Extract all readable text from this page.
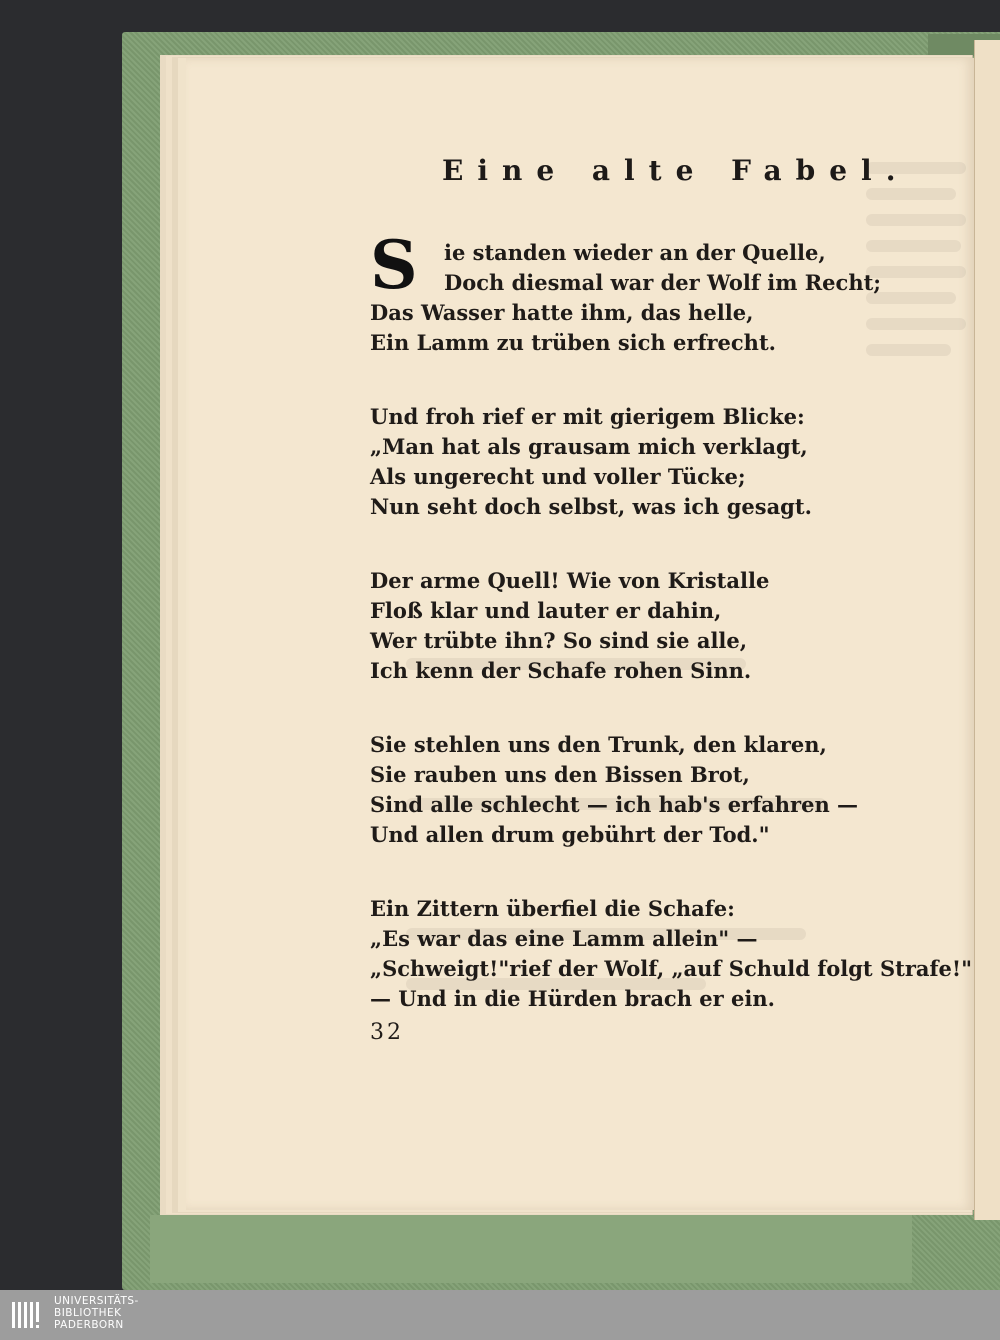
Eine alte Fabel.
S ie standen wieder an der Quelle,
Doch diesmal war der Wolf im Recht;
Das Wasser hatte ihm, das helle,
Ein Lamm zu trüben sich erfrecht.
Und froh rief er mit gierigem Blicke:
„Man hat als grausam mich verklagt,
Als ungerecht und voller Tücke;
Nun seht doch selbst, was ich gesagt.
Der arme Quell! Wie von Kristalle
Floß klar und lauter er dahin,
Wer trübte ihn? So sind sie alle,
Ich kenn der Schafe rohen Sinn.
Sie stehlen uns den Trunk, den klaren,
Sie rauben uns den Bissen Brot,
Sind alle schlecht — ich hab's erfahren —
Und allen drum gebührt der Tod."
Ein Zittern überfiel die Schafe:
„Es war das eine Lamm allein" —
„Schweigt!"rief der Wolf, „auf Schuld folgt Strafe!"
— Und in die Hürden brach er ein.
32
UNIVERSITÄTS-
BIBLIOTHEK
PADERBORN
